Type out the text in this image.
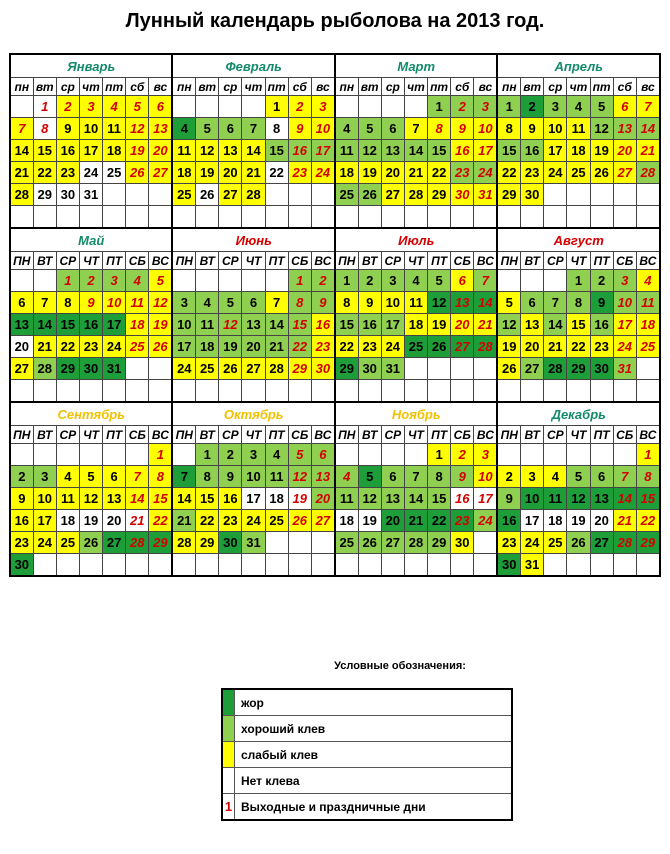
Лунный календарь рыболова на 2013 год.
Январь							Февраль							Март							Апрель						
пн	вт	ср	чт	пт	сб	вс	пн	вт	ср	чт	пт	сб	вс	пн	вт	ср	чт	пт	сб	вс	пн	вт	ср	чт	пт	сб	вс
	1	2	3	4	5	6					1	2	3					1	2	3	1	2	3	4	5	6	7
7	8	9	10	11	12	13	4	5	6	7	8	9	10	4	5	6	7	8	9	10	8	9	10	11	12	13	14
14	15	16	17	18	19	20	11	12	13	14	15	16	17	11	12	13	14	15	16	17	15	16	17	18	19	20	21
21	22	23	24	25	26	27	18	19	20	21	22	23	24	18	19	20	21	22	23	24	22	23	24	25	26	27	28
28	29	30	31				25	26	27	28				25	26	27	28	29	30	31	29	30					

Май							Июнь							Июль							Август						
ПН	ВТ	СР	ЧТ	ПТ	СБ	ВС	ПН	ВТ	СР	ЧТ	ПТ	СБ	ВС	ПН	ВТ	СР	ЧТ	ПТ	СБ	ВС	ПН	ВТ	СР	ЧТ	ПТ	СБ	ВС
		1	2	3	4	5						1	2	1	2	3	4	5	6	7				1	2	3	4
6	7	8	9	10	11	12	3	4	5	6	7	8	9	8	9	10	11	12	13	14	5	6	7	8	9	10	11
13	14	15	16	17	18	19	10	11	12	13	14	15	16	15	16	17	18	19	20	21	12	13	14	15	16	17	18
20	21	22	23	24	25	26	17	18	19	20	21	22	23	22	23	24	25	26	27	28	19	20	21	22	23	24	25
27	28	29	30	31			24	25	26	27	28	29	30	29	30	31					26	27	28	29	30	31	

Сентябрь							Октябрь							Ноябрь							Декабрь						
ПН	ВТ	СР	ЧТ	ПТ	СБ	ВС	ПН	ВТ	СР	ЧТ	ПТ	СБ	ВС	ПН	ВТ	СР	ЧТ	ПТ	СБ	ВС	ПН	ВТ	СР	ЧТ	ПТ	СБ	ВС
						1		1	2	3	4	5	6					1	2	3							1
2	3	4	5	6	7	8	7	8	9	10	11	12	13	4	5	6	7	8	9	10	2	3	4	5	6	7	8
9	10	11	12	13	14	15	14	15	16	17	18	19	20	11	12	13	14	15	16	17	9	10	11	12	13	14	15
16	17	18	19	20	21	22	21	22	23	24	25	26	27	18	19	20	21	22	23	24	16	17	18	19	20	21	22
23	24	25	26	27	28	29	28	29	30	31				25	26	27	28	29	30		23	24	25	26	27	28	29
30																					30	31					
Условные обозначения:
	жор
	хороший клев
	слабый клев
	Нет клева
1	Выходные и праздничные дни
